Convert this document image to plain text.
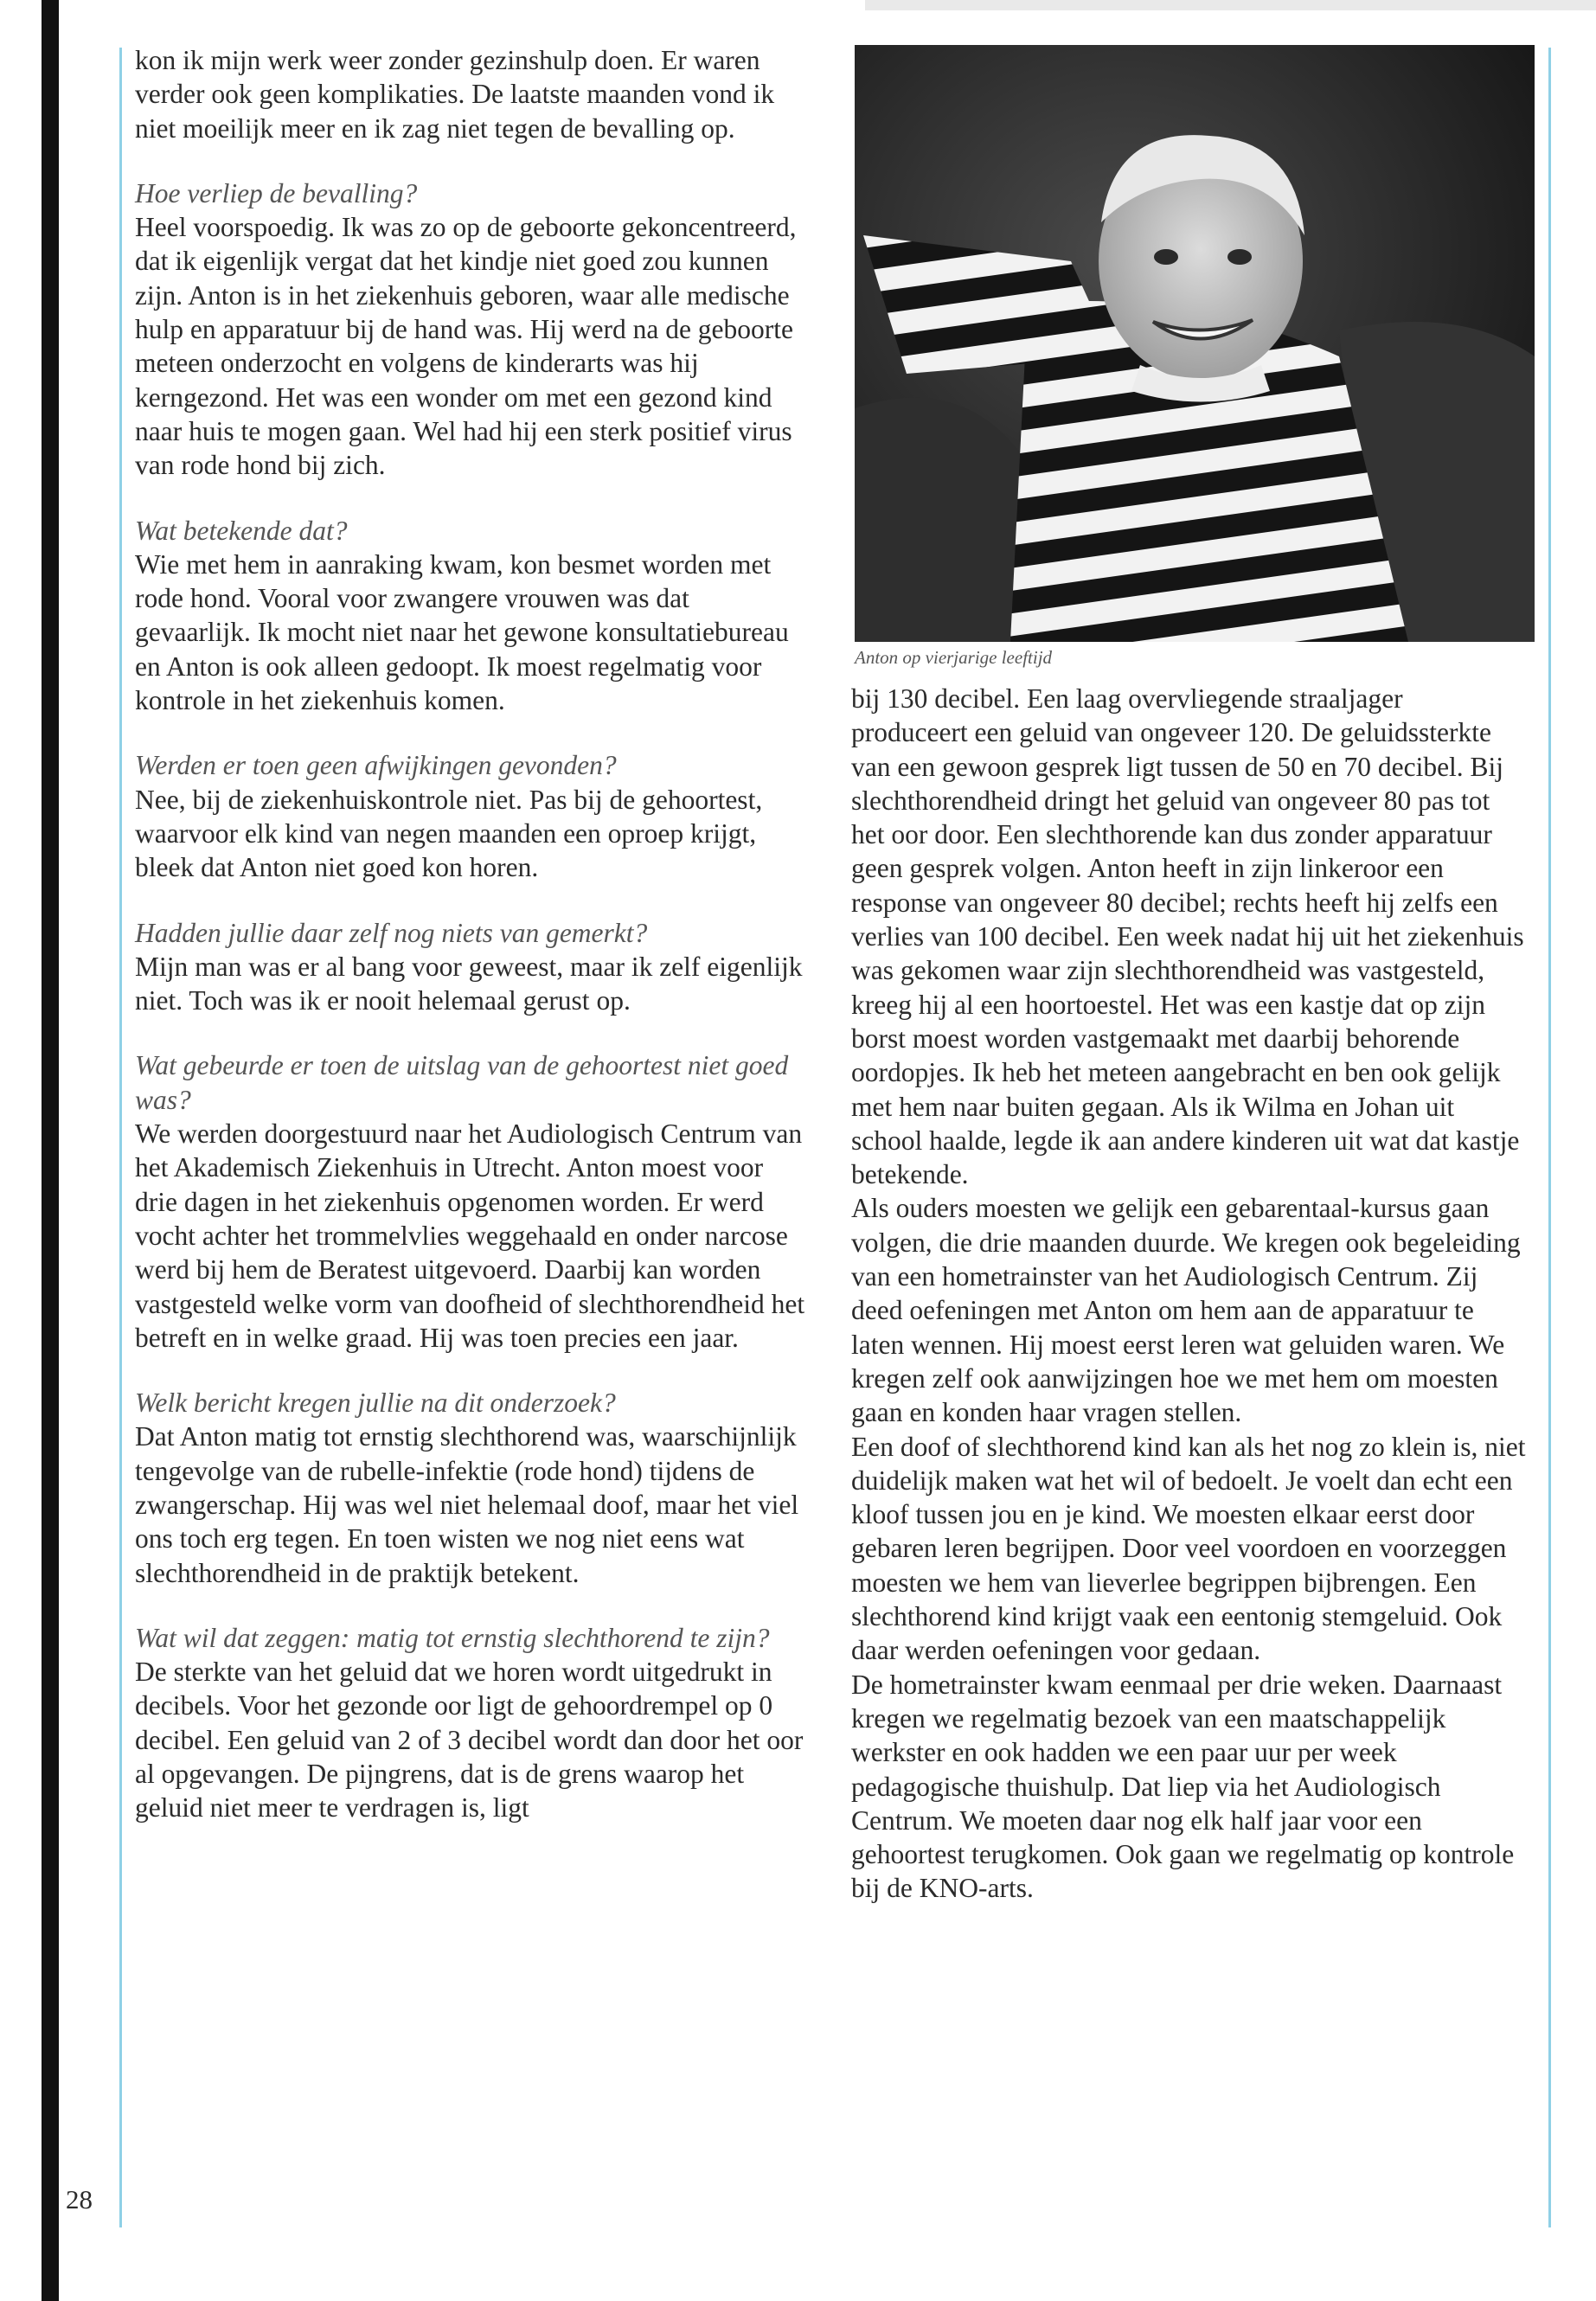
kon ik mijn werk weer zonder gezinshulp doen. Er waren verder ook geen komplikaties. De laatste maanden vond ik niet moeilijk meer en ik zag niet tegen de bevalling op.

Hoe verliep de bevalling?

Heel voorspoedig. Ik was zo op de geboorte gekoncentreerd, dat ik eigenlijk vergat dat het kindje niet goed zou kunnen zijn. Anton is in het ziekenhuis geboren, waar alle medische hulp en apparatuur bij de hand was. Hij werd na de geboorte meteen onderzocht en volgens de kinderarts was hij kerngezond. Het was een wonder om met een gezond kind naar huis te mogen gaan. Wel had hij een sterk positief virus van rode hond bij zich.

Wat betekende dat?

Wie met hem in aanraking kwam, kon besmet worden met rode hond. Vooral voor zwangere vrouwen was dat gevaarlijk. Ik mocht niet naar het gewone konsultatiebureau en Anton is ook alleen gedoopt. Ik moest regelmatig voor kontrole in het ziekenhuis komen.

Werden er toen geen afwijkingen gevonden?

Nee, bij de ziekenhuiskontrole niet. Pas bij de gehoortest, waarvoor elk kind van negen maanden een oproep krijgt, bleek dat Anton niet goed kon horen.

Hadden jullie daar zelf nog niets van gemerkt?

Mijn man was er al bang voor geweest, maar ik zelf eigenlijk niet. Toch was ik er nooit helemaal gerust op.

Wat gebeurde er toen de uitslag van de gehoortest niet goed was?

We werden doorgestuurd naar het Audiologisch Centrum van het Akademisch Ziekenhuis in Utrecht. Anton moest voor drie dagen in het ziekenhuis opgenomen worden. Er werd vocht achter het trommelvlies weggehaald en onder narcose werd bij hem de Beratest uitgevoerd. Daarbij kan worden vastgesteld welke vorm van doofheid of slechthorendheid het betreft en in welke graad. Hij was toen precies een jaar.

Welk bericht kregen jullie na dit onderzoek?

Dat Anton matig tot ernstig slechthorend was, waarschijnlijk tengevolge van de rubelle-infektie (rode hond) tijdens de zwangerschap. Hij was wel niet helemaal doof, maar het viel ons toch erg tegen. En toen wisten we nog niet eens wat slechthorendheid in de praktijk betekent.

Wat wil dat zeggen: matig tot ernstig slechthorend te zijn?

De sterkte van het geluid dat we horen wordt uitgedrukt in decibels. Voor het gezonde oor ligt de gehoordrempel op 0 decibel. Een geluid van 2 of 3 decibel wordt dan door het oor al opgevangen. De pijngrens, dat is de grens waarop het geluid niet meer te verdragen is, ligt

Anton op vierjarige leeftijd

bij 130 decibel. Een laag overvliegende straaljager produceert een geluid van ongeveer 120. De geluidssterkte van een gewoon gesprek ligt tussen de 50 en 70 decibel. Bij slechthorendheid dringt het geluid van ongeveer 80 pas tot het oor door. Een slechthorende kan dus zonder apparatuur geen gesprek volgen. Anton heeft in zijn linkeroor een response van ongeveer 80 decibel; rechts heeft hij zelfs een verlies van 100 decibel. Een week nadat hij uit het ziekenhuis was gekomen waar zijn slechthorendheid was vastgesteld, kreeg hij al een hoortoestel. Het was een kastje dat op zijn borst moest worden vastgemaakt met daarbij behorende oordopjes. Ik heb het meteen aangebracht en ben ook gelijk met hem naar buiten gegaan. Als ik Wilma en Johan uit school haalde, legde ik aan andere kinderen uit wat dat kastje betekende.

Als ouders moesten we gelijk een gebarentaal-kursus gaan volgen, die drie maanden duurde. We kregen ook begeleiding van een hometrainster van het Audiologisch Centrum. Zij deed oefeningen met Anton om hem aan de apparatuur te laten wennen. Hij moest eerst leren wat geluiden waren. We kregen zelf ook aanwijzingen hoe we met hem om moesten gaan en konden haar vragen stellen.

Een doof of slechthorend kind kan als het nog zo klein is, niet duidelijk maken wat het wil of bedoelt. Je voelt dan echt een kloof tussen jou en je kind. We moesten elkaar eerst door gebaren leren begrijpen. Door veel voordoen en voorzeggen moesten we hem van lieverlee begrippen bijbrengen. Een slechthorend kind krijgt vaak een eentonig stemgeluid. Ook daar werden oefeningen voor gedaan.

De hometrainster kwam eenmaal per drie weken. Daarnaast kregen we regelmatig bezoek van een maatschappelijk werkster en ook hadden we een paar uur per week pedagogische thuishulp. Dat liep via het Audiologisch Centrum. We moeten daar nog elk half jaar voor een gehoortest terugkomen. Ook gaan we regelmatig op kontrole bij de KNO-arts.

28
